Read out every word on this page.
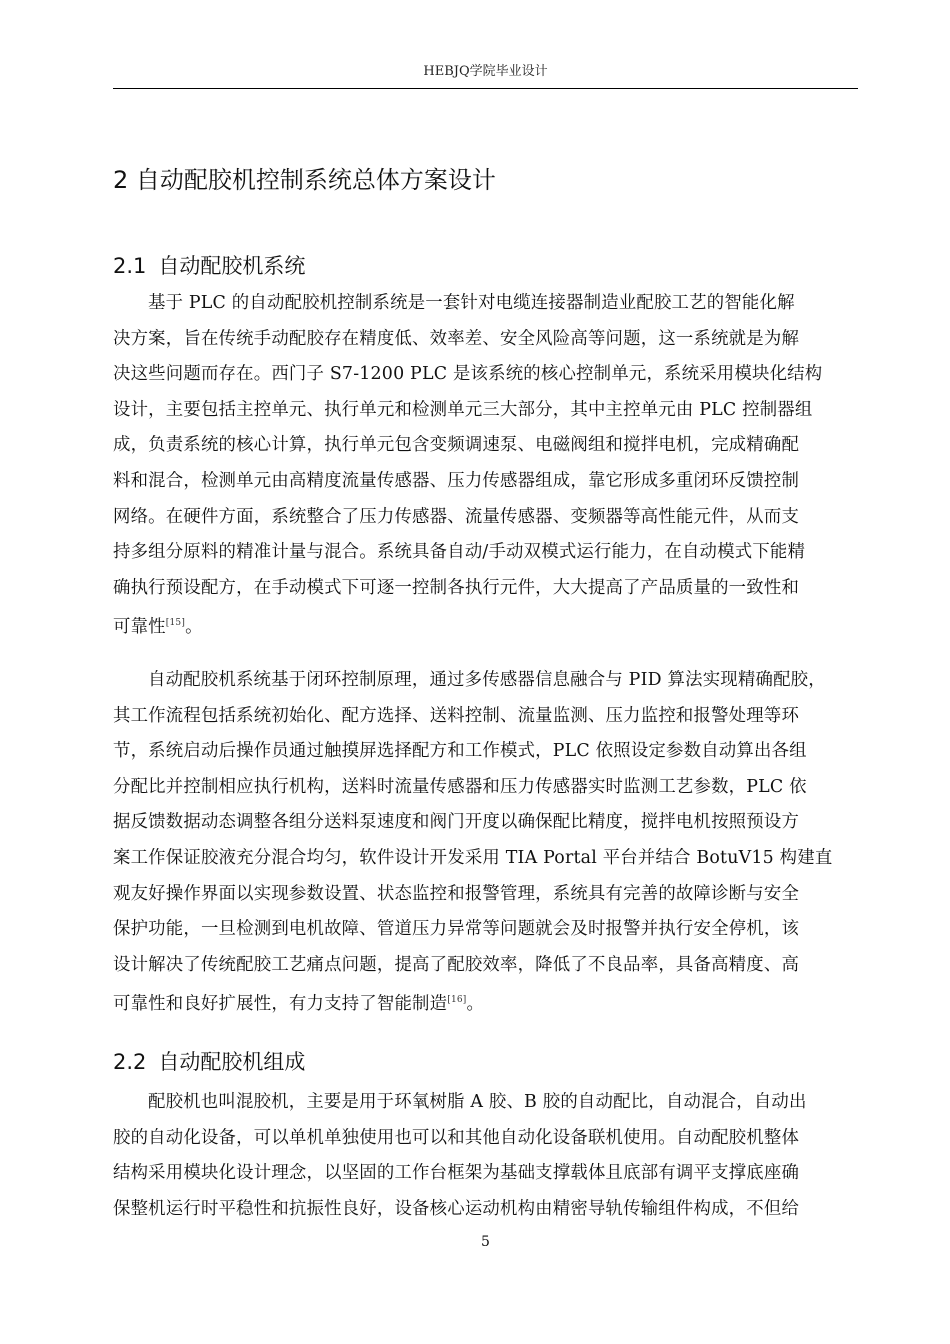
HEBJQ学院毕业设计
2 自动配胶机控制系统总体方案设计
2.1 自动配胶机系统

基于 PLC 的自动配胶机控制系统是一套针对电缆连接器制造业配胶工艺的智能化解
决方案，旨在传统手动配胶存在精度低、效率差、安全风险高等问题，这一系统就是为解
决这些问题而存在。西门子 S7-1200 PLC 是该系统的核心控制单元，系统采用模块化结构
设计，主要包括主控单元、执行单元和检测单元三大部分，其中主控单元由 PLC 控制器组
成，负责系统的核心计算，执行单元包含变频调速泵、电磁阀组和搅拌电机，完成精确配
料和混合，检测单元由高精度流量传感器、压力传感器组成，靠它形成多重闭环反馈控制
网络。在硬件方面，系统整合了压力传感器、流量传感器、变频器等高性能元件，从而支
持多组分原料的精准计量与混合。系统具备自动/手动双模式运行能力，在自动模式下能精
确执行预设配方，在手动模式下可逐一控制各执行元件，大大提高了产品质量的一致性和
可靠性[15]。

自动配胶机系统基于闭环控制原理，通过多传感器信息融合与 PID 算法实现精确配胶，
其工作流程包括系统初始化、配方选择、送料控制、流量监测、压力监控和报警处理等环
节，系统启动后操作员通过触摸屏选择配方和工作模式，PLC 依照设定参数自动算出各组
分配比并控制相应执行机构，送料时流量传感器和压力传感器实时监测工艺参数，PLC 依
据反馈数据动态调整各组分送料泵速度和阀门开度以确保配比精度，搅拌电机按照预设方
案工作保证胶液充分混合均匀，软件设计开发采用 TIA Portal 平台并结合 BotuV15 构建直
观友好操作界面以实现参数设置、状态监控和报警管理，系统具有完善的故障诊断与安全
保护功能，一旦检测到电机故障、管道压力异常等问题就会及时报警并执行安全停机，该
设计解决了传统配胶工艺痛点问题，提高了配胶效率，降低了不良品率，具备高精度、高
可靠性和良好扩展性，有力支持了智能制造[16]。

2.2 自动配胶机组成

配胶机也叫混胶机，主要是用于环氧树脂 A 胶、B 胶的自动配比，自动混合，自动出
胶的自动化设备，可以单机单独使用也可以和其他自动化设备联机使用。自动配胶机整体
结构采用模块化设计理念，以坚固的工作台框架为基础支撑载体且底部有调平支撑底座确
保整机运行时平稳性和抗振性良好，设备核心运动机构由精密导轨传输组件构成，不但给

5
